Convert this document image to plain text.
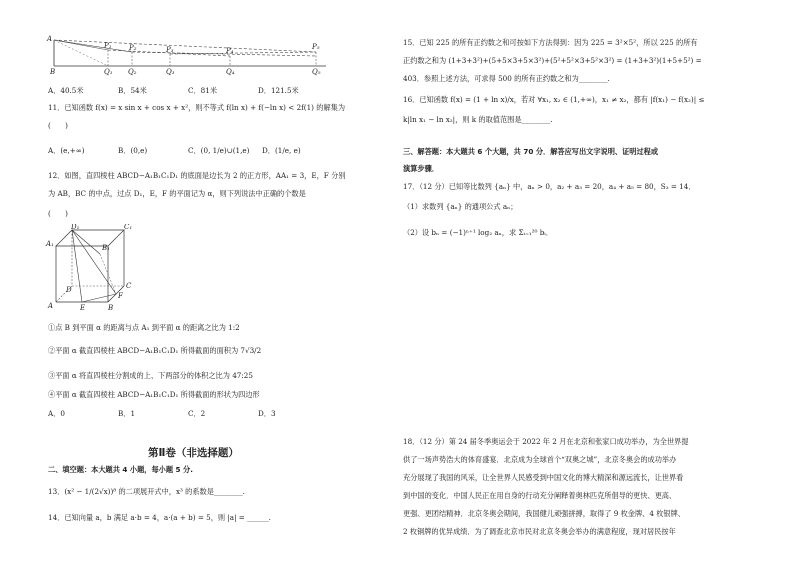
A
P₁ P₂	P₃	P₄	P₅
B	Q₁ Q₂	Q₃	Q₄	Q₅
A．40.5米	B．54米	C．81米	D．121.5米
11．已知函数 f(x) = x sin x + cos x + x²，则不等式 f(ln x) + f(−ln x) < 2f(1) 的解集为
(　　)
A．(e,+∞)	B．(0,e)	C．(0, 1/e)∪(1,e) D．(1/e, e)
12．如图，直四棱柱 ABCD−A₁B₁C₁D₁ 的底面是边长为 2 的正方形，AA₁ = 3，E，F 分别
为 AB，BC 的中点，过点 D₁，E，F 的平面记为 α，则下列说法中正确的个数是
(　　)
D₁	C₁
A₁	B₁
D	C
A	E	B
F
①点 B 到平面 α 的距离与点 A₁ 到平面 α 的距离之比为 1:2
②平面 α 截直四棱柱 ABCD−A₁B₁C₁D₁ 所得截面的面积为 7√3/2
③平面 α 将直四棱柱分割成的上、下两部分的体积之比为 47:25
④平面 α 截直四棱柱 ABCD−A₁B₁C₁D₁ 所得截面的形状为四边形
A．0	B．1	C．2	D．3
第Ⅱ卷（非选择题）
二、填空题：本大题共 4 小题，每小题 5 分.
13．(x² − 1/(2√x))⁸ 的二项展开式中，x³ 的系数是________.
14．已知向量 a，b 满足 a·b = 4，a·(a + b) = 5，则 |a| = ______.
15．已知 225 的所有正约数之和可按如下方法得到：因为 225 = 3²×5²，所以 225 的所有
正约数之和为 (1+3+3²)+(5+5×3+5×3²)+(5²+5²×3+5²×3²) = (1+3+3²)(1+5+5²) =
403．参照上述方法，可求得 500 的所有正约数之和为________.
16．已知函数 f(x) = (1 + ln x)/x，若对 ∀x₁, x₂ ∈ (1,+∞)，x₁ ≠ x₂，都有 |f(x₁) − f(x₂)| ≤
k|ln x₁ − ln x₂|，则 k 的取值范围是________.
三、解答题：本大题共 6 个大题，共 70 分．解答应写出文字说明、证明过程或
演算步骤．
17．（12 分）已知等比数列 {aₙ} 中，aₙ > 0，a₂ + a₃ = 20，a₄ + a₅ = 80，S₃ = 14．
（1）求数列 {aₙ} 的通项公式 aₙ；
（2）设 bₙ = (−1)ⁿ⁺¹ log₂ aₙ，求 Σᵢ₌₁²⁰ bᵢ．
18．（12 分）第 24 届冬季奥运会于 2022 年 2 月在北京和张家口成功举办，为全世界提
供了一场声势浩大的体育盛宴．北京成为全球首个“双奥之城”，北京冬奥会的成功举办
充分展现了我国的风采，让全世界人民感受到中国文化的博大精深和源远流长，让世界看
到中国的变化．中国人民正在用自身的行动充分阐释着奥林匹克所倡导的更快、更高、
更强、更团结精神．北京冬奥会期间，我国健儿顽强拼搏，取得了 9 枚金牌、4 枚银牌、
2 枚铜牌的优异成绩．为了调查北京市民对北京冬奥会举办的满意程度，现对居民按年
